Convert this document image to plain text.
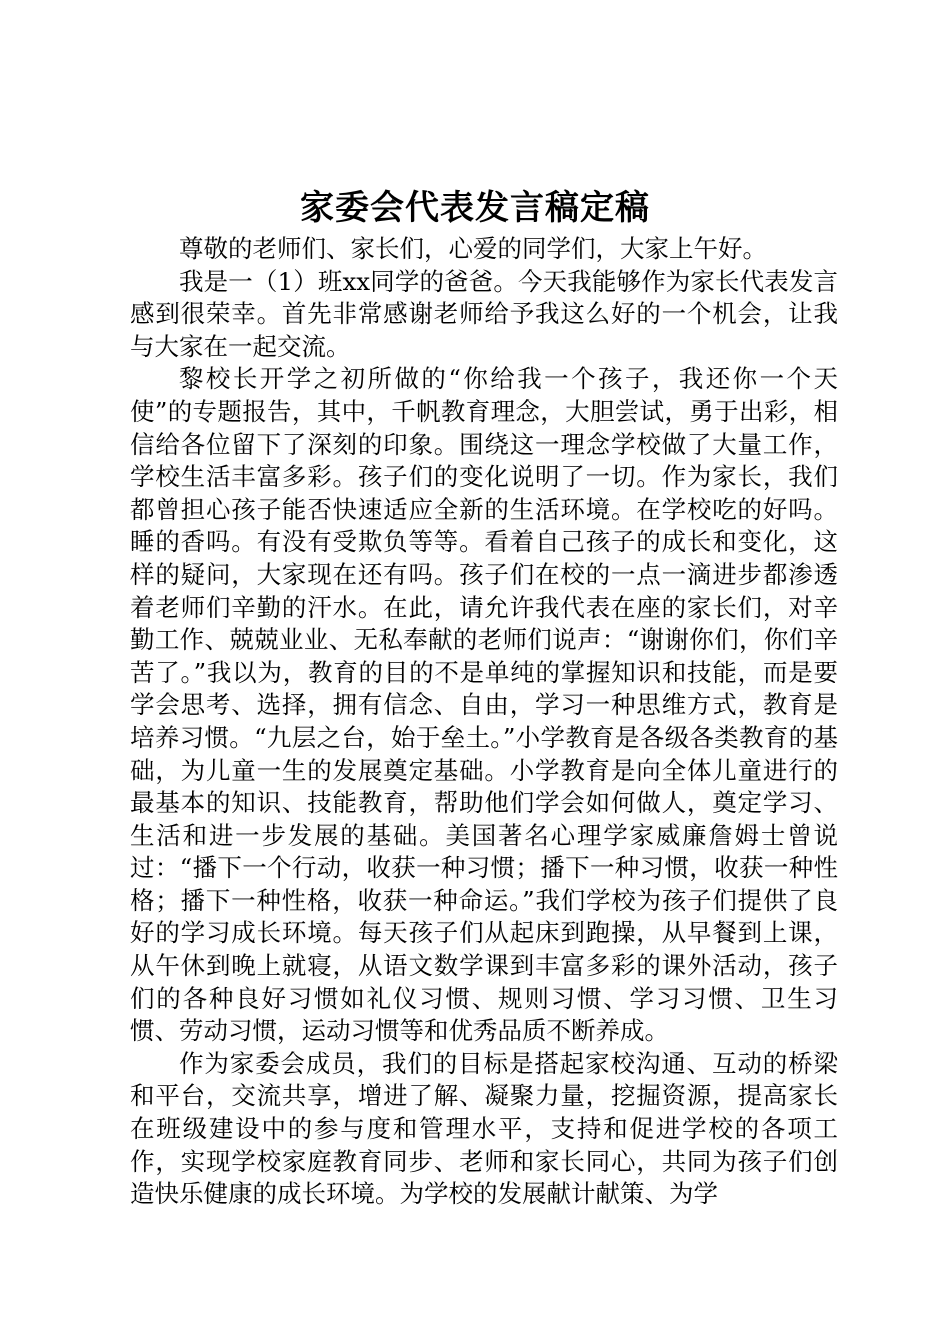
家委会代表发言稿定稿

尊敬的老师们、家长们，心爱的同学们，大家上午好。

我是一（1）班xx同学的爸爸。今天我能够作为家长代表发言感到很荣幸。首先非常感谢老师给予我这么好的一个机会，让我与大家在一起交流。

黎校长开学之初所做的“你给我一个孩子，我还你一个天使”的专题报告，其中，千帆教育理念，大胆尝试，勇于出彩，相信给各位留下了深刻的印象。围绕这一理念学校做了大量工作，学校生活丰富多彩。孩子们的变化说明了一切。作为家长，我们都曾担心孩子能否快速适应全新的生活环境。在学校吃的好吗。睡的香吗。有没有受欺负等等。看着自己孩子的成长和变化，这样的疑问，大家现在还有吗。孩子们在校的一点一滴进步都渗透着老师们辛勤的汗水。在此，请允许我代表在座的家长们，对辛勤工作、兢兢业业、无私奉献的老师们说声：“谢谢你们，你们辛苦了。”我以为，教育的目的不是单纯的掌握知识和技能，而是要学会思考、选择，拥有信念、自由，学习一种思维方式，教育是培养习惯。“九层之台，始于垒土。”小学教育是各级各类教育的基础，为儿童一生的发展奠定基础。小学教育是向全体儿童进行的最基本的知识、技能教育，帮助他们学会如何做人，奠定学习、生活和进一步发展的基础。美国著名心理学家威廉詹姆士曾说过：“播下一个行动，收获一种习惯；播下一种习惯，收获一种性格；播下一种性格，收获一种命运。”我们学校为孩子们提供了良好的学习成长环境。每天孩子们从起床到跑操，从早餐到上课，从午休到晚上就寝，从语文数学课到丰富多彩的课外活动，孩子们的各种良好习惯如礼仪习惯、规则习惯、学习习惯、卫生习惯、劳动习惯，运动习惯等和优秀品质不断养成。

作为家委会成员，我们的目标是搭起家校沟通、互动的桥梁和平台，交流共享，增进了解、凝聚力量，挖掘资源，提高家长在班级建设中的参与度和管理水平，支持和促进学校的各项工作，实现学校家庭教育同步、老师和家长同心，共同为孩子们创造快乐健康的成长环境。为学校的发展献计献策、为学
